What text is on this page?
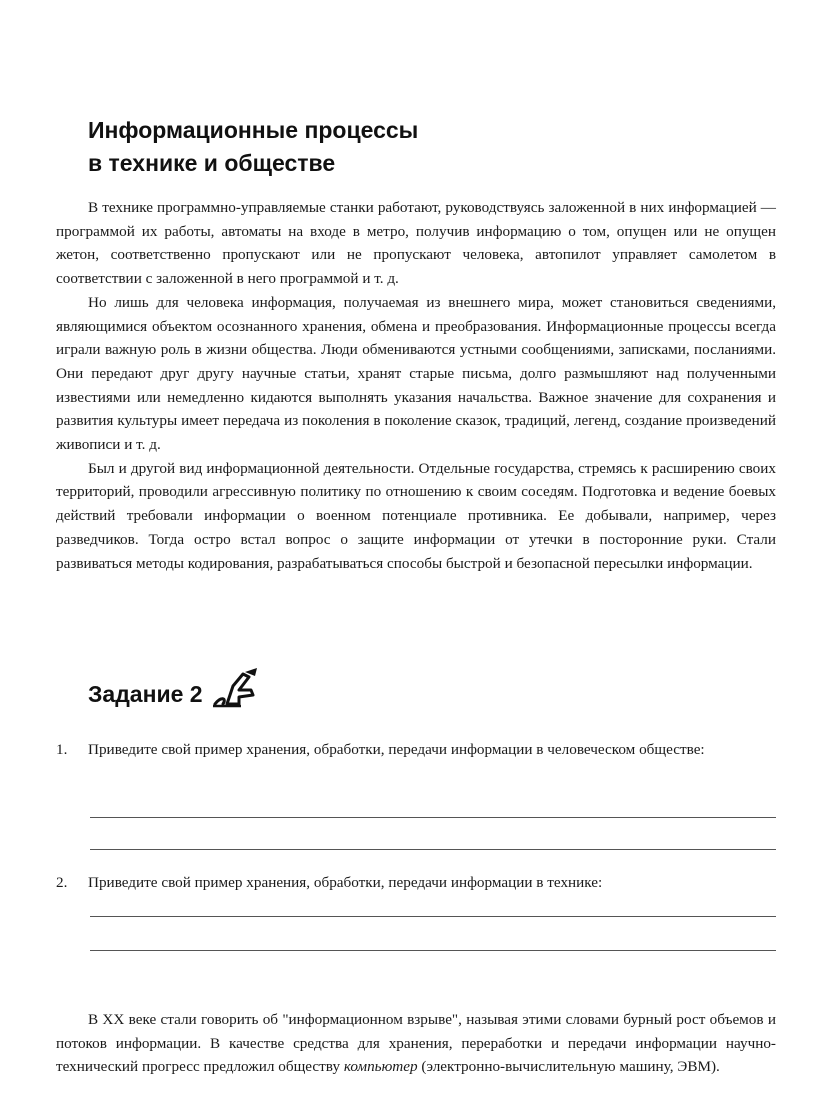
Информационные процессы
в технике и обществе

В технике программно-управляемые станки работают, руководствуясь заложенной в них информацией — программой их работы, автоматы на входе в метро, получив информацию о том, опущен или не опущен жетон, соответственно пропускают или не пропускают человека, автопилот управляет самолетом в соответствии с заложенной в него программой и т. д.

Но лишь для человека информация, получаемая из внешнего мира, может становиться сведениями, являющимися объектом осознанного хранения, обмена и преобразования. Информационные процессы всегда играли важную роль в жизни общества. Люди обмениваются устными сообщениями, записками, посланиями. Они передают друг другу научные статьи, хранят старые письма, долго размышляют над полученными известиями или немедленно кидаются выполнять указания начальства. Важное значение для сохранения и развития культуры имеет передача из поколения в поколение сказок, традиций, легенд, создание произведений живописи и т. д.

Был и другой вид информационной деятельности. Отдельные государства, стремясь к расширению своих территорий, проводили агрессивную политику по отношению к своим соседям. Подготовка и ведение боевых действий требовали информации о военном потенциале противника. Ее добывали, например, через разведчиков. Тогда остро встал вопрос о защите информации от утечки в посторонние руки. Стали развиваться методы кодирования, разрабатываться способы быстрой и безопасной пересылки информации.

Задание 2
1.	Приведите свой пример хранения, обработки, передачи информации в человеческом обществе:
2.	Приведите свой пример хранения, обработки, передачи информации в технике:

В XX веке стали говорить об "информационном взрыве", называя этими словами бурный рост объемов и потоков информации. В качестве средства для хранения, переработки и передачи информации научно-технический прогресс предложил обществу компьютер (электронно-вычислительную машину, ЭВМ).
